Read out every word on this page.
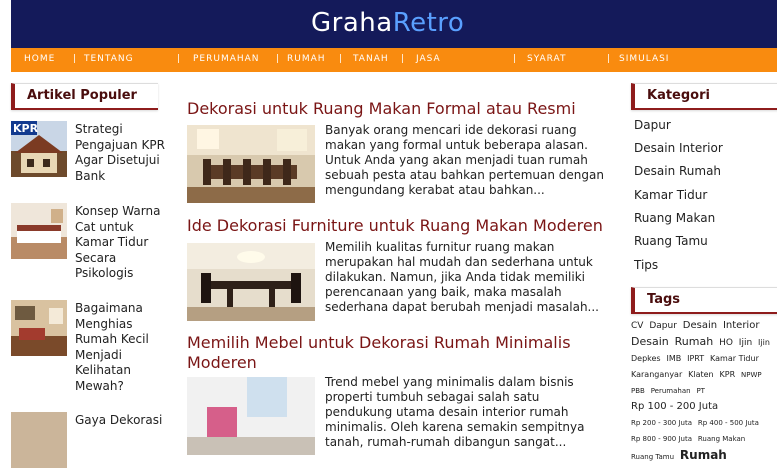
GrahaRetro
HOME | TENTANG	| PERUMAHAN | RUMAH | TANAH | JASA	| SYARAT	| SIMULASI
Artikel Populer
KPR	Strategi Pengajuan KPR Agar Disetujui Bank
Konsep Warna Cat untuk Kamar Tidur Secara Psikologis
Bagaimana Menghias Rumah Kecil Menjadi Kelihatan Mewah?
Gaya Dekorasi
Dekorasi untuk Ruang Makan Formal atau Resmi
Banyak orang mencari ide dekorasi ruang makan yang formal untuk beberapa alasan. Untuk Anda yang akan menjadi tuan rumah sebuah pesta atau bahkan pertemuan dengan mengundang kerabat atau bahkan...
Ide Dekorasi Furniture untuk Ruang Makan Moderen
Memilih kualitas furnitur ruang makan merupakan hal mudah dan sederhana untuk dilakukan. Namun, jika Anda tidak memiliki perencanaan yang baik, maka masalah sederhana dapat berubah menjadi masalah...
Memilih Mebel untuk Dekorasi Rumah Minimalis Moderen
Trend mebel yang minimalis dalam bisnis properti tumbuh sebagai salah satu pendukung utama desain interior rumah minimalis. Oleh karena semakin sempitnya tanah, rumah-rumah dibangun sangat...
Kategori
Dapur
Desain Interior
Desain Rumah
Kamar Tidur
Ruang Makan
Ruang Tamu
Tips
Tags
CV Dapur Desain Interior Desain Rumah HO Ijin Ijin Depkes IMB IPRT Kamar Tidur Karanganyar Klaten KPR NPWP PBB Perumahan PT Rp 100 - 200 Juta Rp 200 - 300 Juta Rp 400 - 500 Juta Rp 800 - 900 Juta Ruang Makan Ruang Tamu Rumah
